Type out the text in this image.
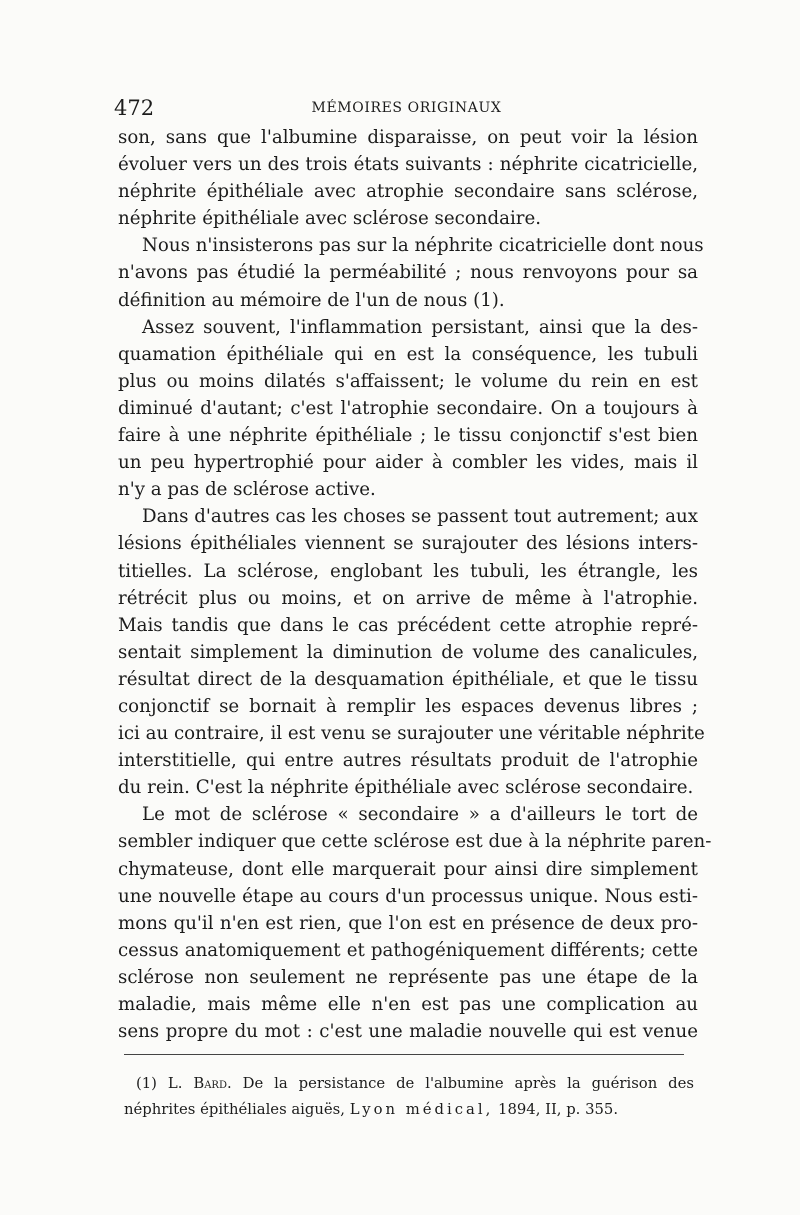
472	MÉMOIRES ORIGINAUX
son, sans que l'albumine disparaisse, on peut voir la lésion
évoluer vers un des trois états suivants : néphrite cicatricielle,
néphrite épithéliale avec atrophie secondaire sans sclérose,
néphrite épithéliale avec sclérose secondaire.
Nous n'insisterons pas sur la néphrite cicatricielle dont nous
n'avons pas étudié la perméabilité ; nous renvoyons pour sa
définition au mémoire de l'un de nous (1).
Assez souvent, l'inflammation persistant, ainsi que la des-
quamation épithéliale qui en est la conséquence, les tubuli
plus ou moins dilatés s'affaissent; le volume du rein en est
diminué d'autant; c'est l'atrophie secondaire. On a toujours à
faire à une néphrite épithéliale ; le tissu conjonctif s'est bien
un peu hypertrophié pour aider à combler les vides, mais il
n'y a pas de sclérose active.
Dans d'autres cas les choses se passent tout autrement; aux
lésions épithéliales viennent se surajouter des lésions inters-
titielles. La sclérose, englobant les tubuli, les étrangle, les
rétrécit plus ou moins, et on arrive de même à l'atrophie.
Mais tandis que dans le cas précédent cette atrophie repré-
sentait simplement la diminution de volume des canalicules,
résultat direct de la desquamation épithéliale, et que le tissu
conjonctif se bornait à remplir les espaces devenus libres ;
ici au contraire, il est venu se surajouter une véritable néphrite
interstitielle, qui entre autres résultats produit de l'atrophie
du rein. C'est la néphrite épithéliale avec sclérose secondaire.
Le mot de sclérose « secondaire » a d'ailleurs le tort de
sembler indiquer que cette sclérose est due à la néphrite paren-
chymateuse, dont elle marquerait pour ainsi dire simplement
une nouvelle étape au cours d'un processus unique. Nous esti-
mons qu'il n'en est rien, que l'on est en présence de deux pro-
cessus anatomiquement et pathogéniquement différents; cette
sclérose non seulement ne représente pas une étape de la
maladie, mais même elle n'en est pas une complication au
sens propre du mot : c'est une maladie nouvelle qui est venue
(1) L. Bard. De la persistance de l'albumine après la guérison des
néphrites épithéliales aiguës, Lyon médical, 1894, II, p. 355.
